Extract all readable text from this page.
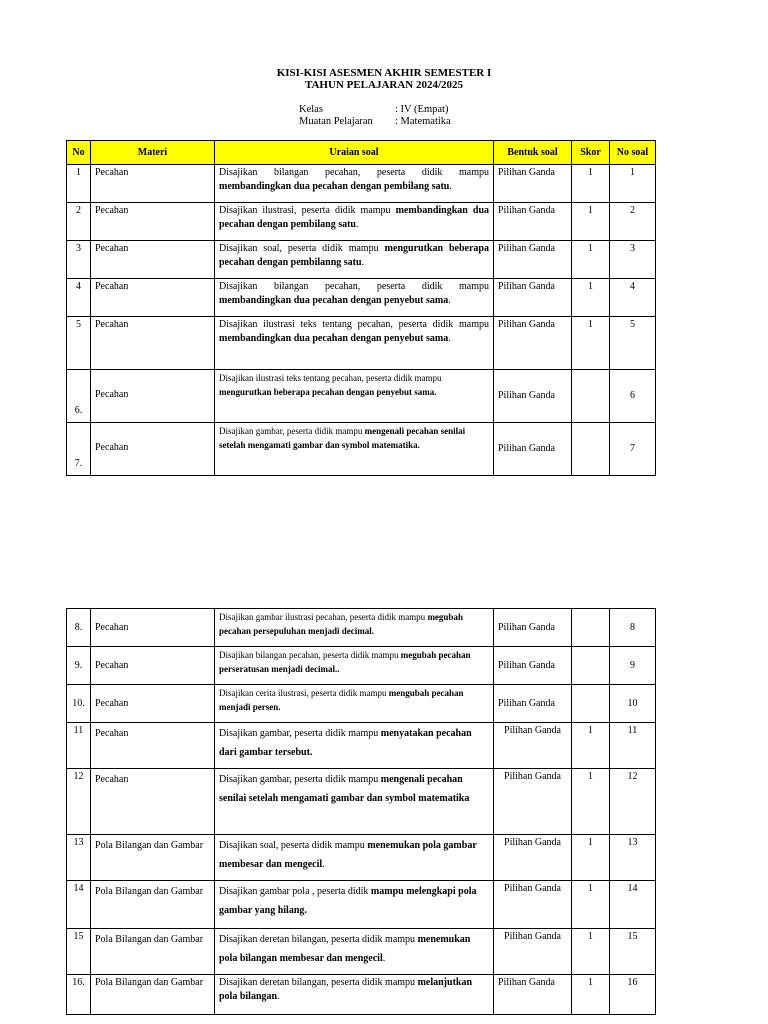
KISI-KISI ASESMEN AKHIR SEMESTER I
TAHUN PELAJARAN 2024/2025
Kelas	: IV (Empat)
Muatan Pelajaran : Matematika
No	Materi	Uraian soal	Bentuk soal	Skor	No soal
1	Pecahan	Disajikan bilangan pecahan, peserta didik mampu membandingkan dua pecahan dengan pembilang satu.	Pilihan Ganda	1	1
2	Pecahan	Disajikan ilustrasi, peserta didik mampu membandingkan dua pecahan dengan pembilang satu.	Pilihan Ganda	1	2
3	Pecahan	Disajikan soal, peserta didik mampu mengurutkan beberapa pecahan dengan pembilanng satu.	Pilihan Ganda	1	3
4	Pecahan	Disajikan bilangan pecahan, peserta didik mampu membandingkan dua pecahan dengan penyebut sama.	Pilihan Ganda	1	4
5	Pecahan	Disajikan ilustrasi teks tentang pecahan, peserta didik mampu membandingkan dua pecahan dengan penyebut sama.	Pilihan Ganda	1	5
6.	Pecahan	Disajikan ilustrasi teks tentang pecahan, peserta didik mampu mengurutkan beberapa pecahan dengan penyebut sama.	Pilihan Ganda		6
7.	Pecahan	Disajikan gambar, peserta didik mampu mengenali pecahan senilai setelah mengamati gambar dan symbol matematika.	Pilihan Ganda		7
8.	Pecahan	Disajikan gambar ilustrasi pecahan, peserta didik mampu megubah pecahan persepuluhan menjadi decimal.	Pilihan Ganda		8
9.	Pecahan	Disajikan bilangan pecahan, peserta didik mampu megubah pecahan perseratusan menjadi decimal..	Pilihan Ganda		9
10.	Pecahan	Disajikan cerita ilustrasi, peserta didik mampu mengubah pecahan menjadi persen.	Pilihan Ganda		10
11	Pecahan	Disajikan gambar, peserta didik mampu menyatakan pecahan dari gambar tersebut.	Pilihan Ganda	1	11
12	Pecahan	Disajikan gambar, peserta didik mampu mengenali pecahan senilai setelah mengamati gambar dan symbol matematika	Pilihan Ganda	1	12
13	Pola Bilangan dan Gambar	Disajikan soal, peserta didik mampu menemukan pola gambar membesar dan mengecil.	Pilihan Ganda	1	13
14	Pola Bilangan dan Gambar	Disajikan gambar pola , peserta didik mampu melengkapi pola gambar yang hilang.	Pilihan Ganda	1	14
15	Pola Bilangan dan Gambar	Disajikan deretan bilangan, peserta didik mampu menemukan pola bilangan membesar dan mengecil.	Pilihan Ganda	1	15
16.	Pola Bilangan dan Gambar	Disajikan deretan bilangan, peserta didik mampu melanjutkan pola bilangan.	Pilihan Ganda	1	16
